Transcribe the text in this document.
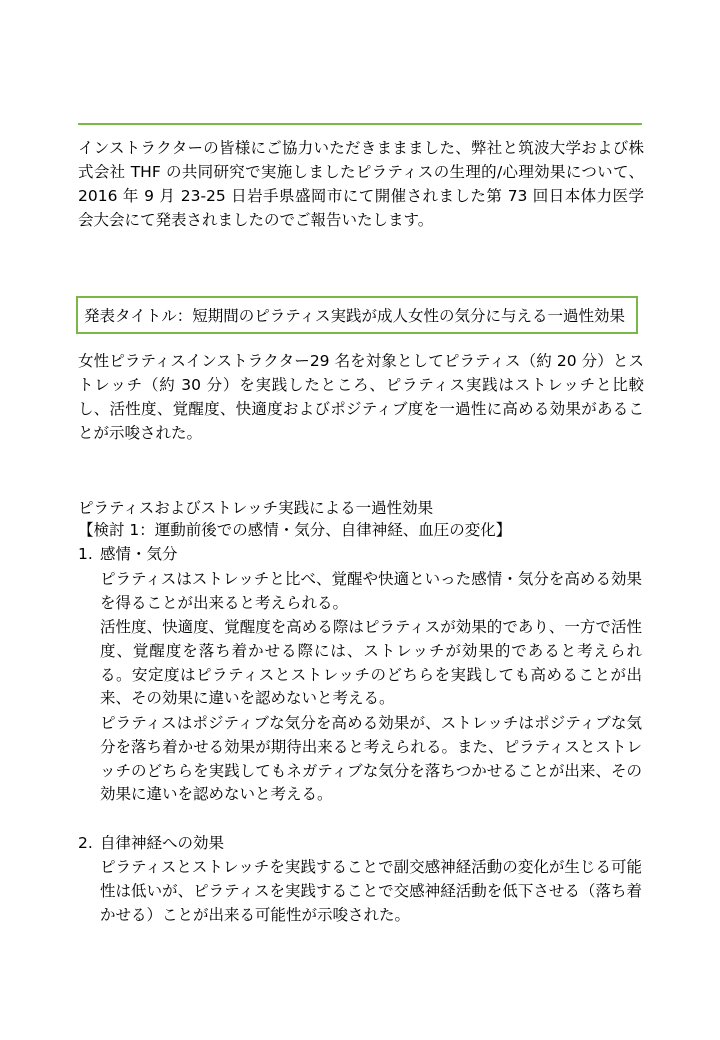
インストラクターの皆様にご協力いただきままました、弊社と筑波大学および株式会社 THF の共同研究で実施しましたピラティスの生理的/心理効果について、2016 年 9 月 23-25 日岩手県盛岡市にて開催されました第 73 回日本体力医学会大会にて発表されましたのでご報告いたします。

発表タイトル：短期間のピラティス実践が成人女性の気分に与える一過性効果

女性ピラティスインストラクター29 名を対象としてピラティス（約 20 分）とストレッチ（約 30 分）を実践したところ、ピラティス実践はストレッチと比較し、活性度、覚醒度、快適度およびポジティブ度を一過性に高める効果があることが示唆された。

ピラティスおよびストレッチ実践による一過性効果

【検討 1：運動前後での感情・気分、自律神経、血圧の変化】

1. 感情・気分

ピラティスはストレッチと比べ、覚醒や快適といった感情・気分を高める効果を得ることが出来ると考えられる。

活性度、快適度、覚醒度を高める際はピラティスが効果的であり、一方で活性度、覚醒度を落ち着かせる際には、ストレッチが効果的であると考えられる。安定度はピラティスとストレッチのどちらを実践しても高めることが出来、その効果に違いを認めないと考える。

ピラティスはポジティブな気分を高める効果が、ストレッチはポジティブな気分を落ち着かせる効果が期待出来ると考えられる。また、ピラティスとストレッチのどちらを実践してもネガティブな気分を落ちつかせることが出来、その効果に違いを認めないと考える。

2. 自律神経への効果

ピラティスとストレッチを実践することで副交感神経活動の変化が生じる可能性は低いが、ピラティスを実践することで交感神経活動を低下させる（落ち着かせる）ことが出来る可能性が示唆された。
